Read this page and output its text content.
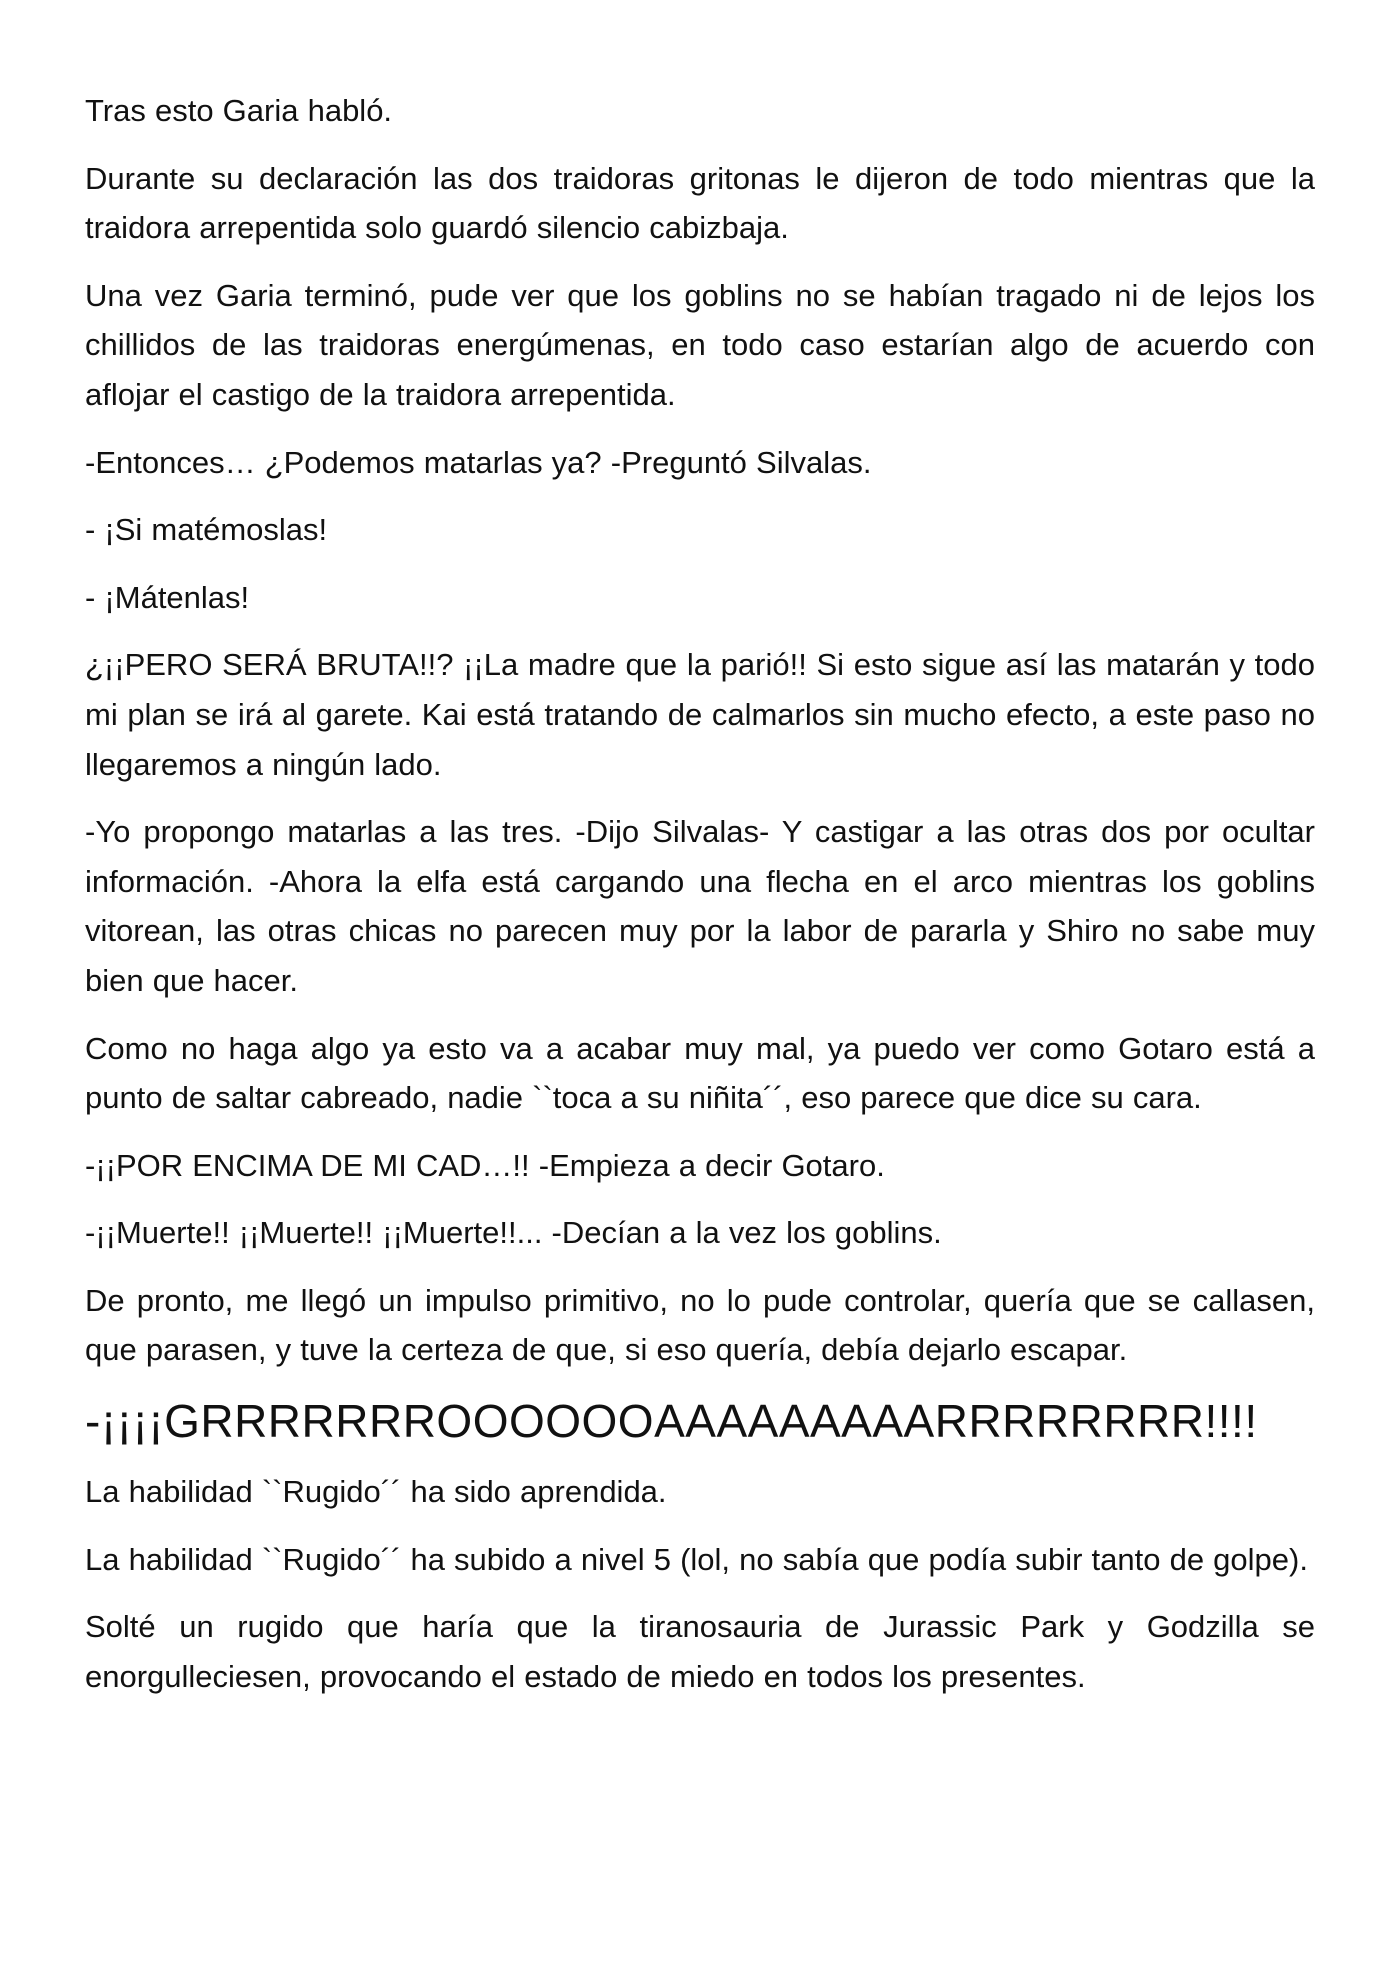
Tras esto Garia habló.

Durante su declaración las dos traidoras gritonas le dijeron de todo mientras que la traidora arrepentida solo guardó silencio cabizbaja.

Una vez Garia terminó, pude ver que los goblins no se habían tragado ni de lejos los chillidos de las traidoras energúmenas, en todo caso estarían algo de acuerdo con aflojar el castigo de la traidora arrepentida.

-Entonces… ¿Podemos matarlas ya? -Preguntó Silvalas.

- ¡Si matémoslas!

- ¡Mátenlas!

¿¡¡PERO SERÁ BRUTA!!? ¡¡La madre que la parió!! Si esto sigue así las matarán y todo mi plan se irá al garete. Kai está tratando de calmarlos sin mucho efecto, a este paso no llegaremos a ningún lado.

-Yo propongo matarlas a las tres. -Dijo Silvalas- Y castigar a las otras dos por ocultar información. -Ahora la elfa está cargando una flecha en el arco mientras los goblins vitorean, las otras chicas no parecen muy por la labor de pararla y Shiro no sabe muy bien que hacer.

Como no haga algo ya esto va a acabar muy mal, ya puedo ver como Gotaro está a punto de saltar cabreado, nadie ``toca a su niñita´´, eso parece que dice su cara.

-¡¡POR ENCIMA DE MI CAD…!! -Empieza a decir Gotaro.

-¡¡Muerte!! ¡¡Muerte!! ¡¡Muerte!!... -Decían a la vez los goblins.

De pronto, me llegó un impulso primitivo, no lo pude controlar, quería que se callasen, que parasen, y tuve la certeza de que, si eso quería, debía dejarlo escapar.

-¡¡¡¡GRRRRRRROOOOOOAAAAAAAAARRRRRRRR!!!!

La habilidad ``Rugido´´ ha sido aprendida.

La habilidad ``Rugido´´ ha subido a nivel 5 (lol, no sabía que podía subir tanto de golpe).

Solté un rugido que haría que la tiranosauria de Jurassic Park y Godzilla se enorgulleciesen, provocando el estado de miedo en todos los presentes.
